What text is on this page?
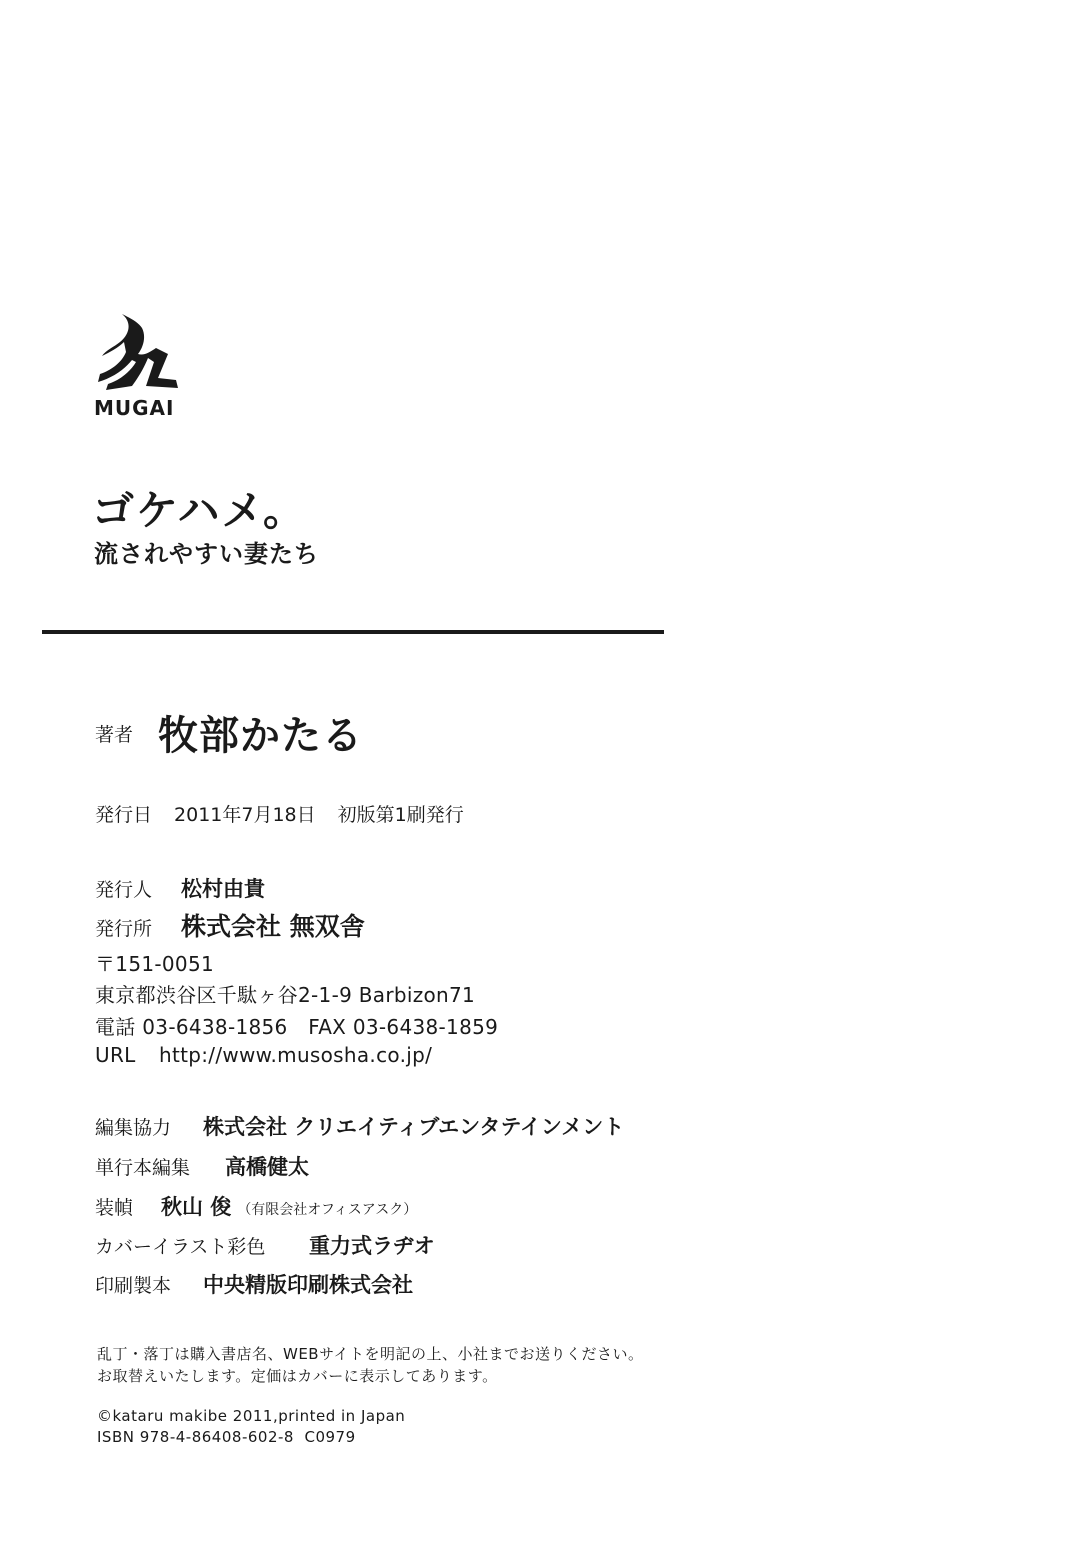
MUGAI
ゴケハメ。
流されやすい妻たち
著者 牧部かたる
発行日 2011年7月18日 初版第1刷発行
発行人 松村由貴
発行所 株式会社 無双舎
〒151-0051
東京都渋谷区千駄ヶ谷2-1-9 Barbizon71
電話 03-6438-1856 FAX 03-6438-1859
URL http://www.musosha.co.jp/
編集協力 株式会社 クリエイティブエンタテインメント
単行本編集 高橋健太
装幀 秋山 俊 （有限会社オフィスアスク）
カバーイラスト彩色 重力式ラヂオ
印刷製本 中央精版印刷株式会社
乱丁・落丁は購入書店名、WEBサイトを明記の上、小社までお送りください。
お取替えいたします。定価はカバーに表示してあります。
©kataru makibe 2011,printed in Japan
ISBN 978-4-86408-602-8  C0979
